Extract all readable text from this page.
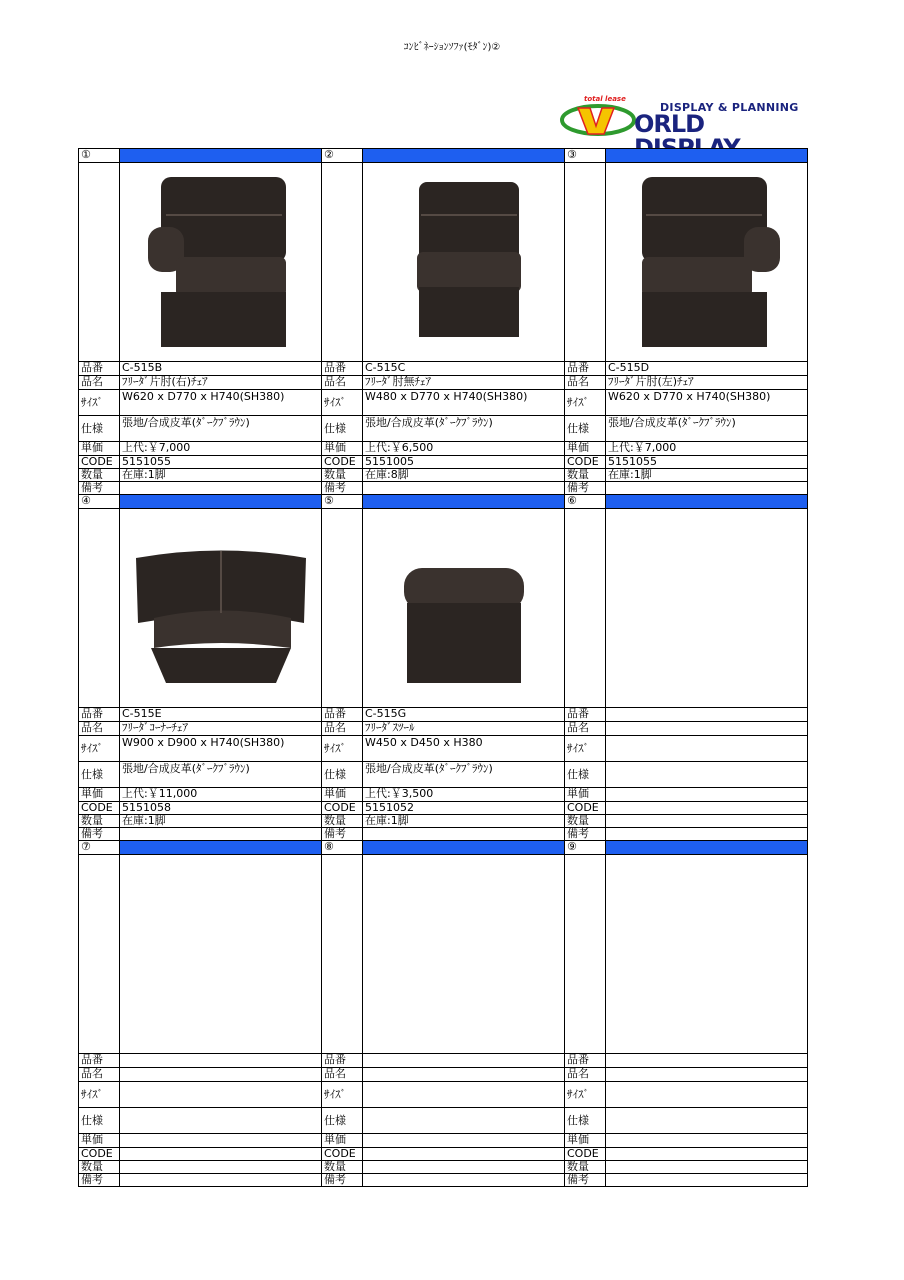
ｺﾝﾋﾞﾈｰｼｮﾝｿﾌｧ(ﾓﾀﾞﾝ)②
total lease
DISPLAY & PLANNING
ORLD
①
品番	C-515B
品名	ﾌﾘｰﾀﾞ片肘(右)ﾁｪｱ
ｻｲｽﾞ	W620 x D770 x H740(SH380)
仕様	張地/合成皮革(ﾀﾞｰｸﾌﾞﾗｳﾝ)
単価	上代:￥7,000
CODE 5151055
数量	在庫:1脚
備考
②
品番	C-515C
品名	ﾌﾘｰﾀﾞ肘無ﾁｪｱ
ｻｲｽﾞ	W480 x D770 x H740(SH380)
仕様	張地/合成皮革(ﾀﾞｰｸﾌﾞﾗｳﾝ)
単価	上代:￥6,500
CODE 5151005
数量	在庫:8脚
備考
③
品番	C-515D
品名	ﾌﾘｰﾀﾞ片肘(左)ﾁｪｱ
ｻｲｽﾞ	W620 x D770 x H740(SH380)
仕様	張地/合成皮革(ﾀﾞｰｸﾌﾞﾗｳﾝ)
単価	上代:￥7,000
CODE 5151055
数量	在庫:1脚
備考
④
品番	C-515E
品名	ﾌﾘｰﾀﾞｺｰﾅｰﾁｪｱ
ｻｲｽﾞ	W900 x D900 x H740(SH380)
仕様	張地/合成皮革(ﾀﾞｰｸﾌﾞﾗｳﾝ)
単価	上代:￥11,000
CODE 5151058
数量	在庫:1脚
備考
⑤
品番	C-515G
品名	ﾌﾘｰﾀﾞｽﾂｰﾙ
ｻｲｽﾞ	W450 x D450 x H380
仕様	張地/合成皮革(ﾀﾞｰｸﾌﾞﾗｳﾝ)
単価	上代:￥3,500
CODE 5151052
数量	在庫:1脚
備考
⑥
品番
品名
ｻｲｽﾞ
仕様
単価
CODE
数量
備考
⑦
品番
品名
ｻｲｽﾞ
仕様
単価
CODE
数量
備考
⑧
品番
品名
ｻｲｽﾞ
仕様
単価
CODE
数量
備考
⑨
品番
品名
ｻｲｽﾞ
仕様
単価
CODE
数量
備考
